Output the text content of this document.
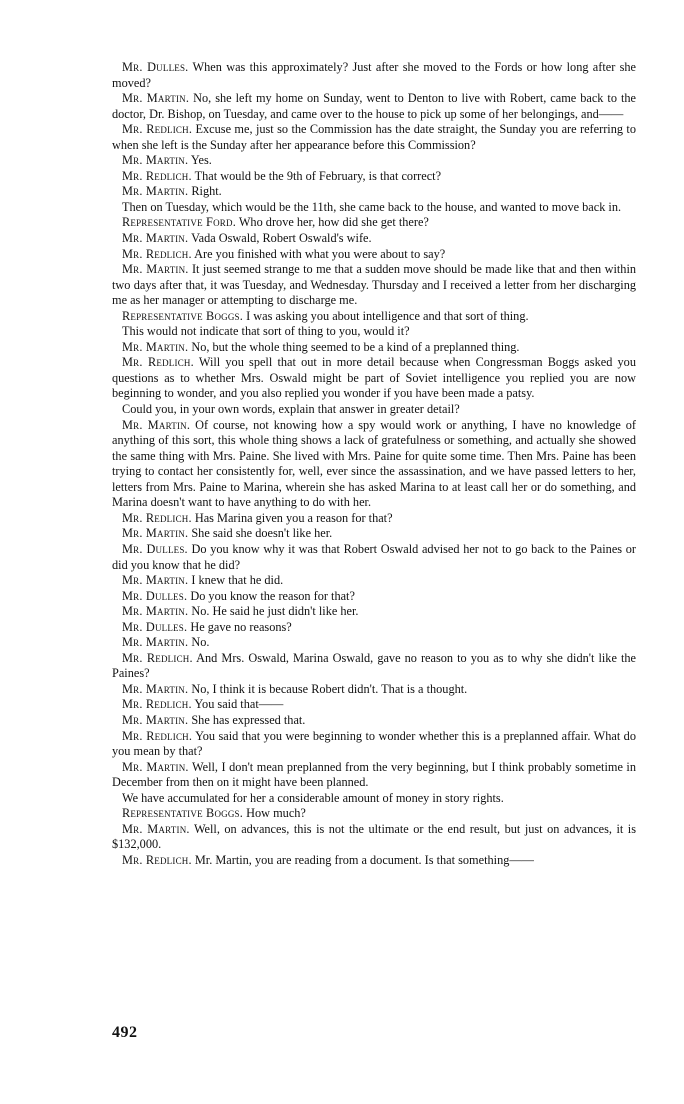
Mr. Dulles. When was this approximately? Just after she moved to the Fords or how long after she moved?

Mr. Martin. No, she left my home on Sunday, went to Denton to live with Robert, came back to the doctor, Dr. Bishop, on Tuesday, and came over to the house to pick up some of her belongings, and——

Mr. Redlich. Excuse me, just so the Commission has the date straight, the Sunday you are referring to when she left is the Sunday after her appearance before this Commission?

Mr. Martin. Yes.

Mr. Redlich. That would be the 9th of February, is that correct?

Mr. Martin. Right.

Then on Tuesday, which would be the 11th, she came back to the house, and wanted to move back in.

Representative Ford. Who drove her, how did she get there?

Mr. Martin. Vada Oswald, Robert Oswald's wife.

Mr. Redlich. Are you finished with what you were about to say?

Mr. Martin. It just seemed strange to me that a sudden move should be made like that and then within two days after that, it was Tuesday, and Wednesday. Thursday and I received a letter from her discharging me as her manager or attempting to discharge me.

Representative Boggs. I was asking you about intelligence and that sort of thing.

This would not indicate that sort of thing to you, would it?

Mr. Martin. No, but the whole thing seemed to be a kind of a preplanned thing.

Mr. Redlich. Will you spell that out in more detail because when Congressman Boggs asked you questions as to whether Mrs. Oswald might be part of Soviet intelligence you replied you are now beginning to wonder, and you also replied you wonder if you have been made a patsy.

Could you, in your own words, explain that answer in greater detail?

Mr. Martin. Of course, not knowing how a spy would work or anything, I have no knowledge of anything of this sort, this whole thing shows a lack of gratefulness or something, and actually she showed the same thing with Mrs. Paine. She lived with Mrs. Paine for quite some time. Then Mrs. Paine has been trying to contact her consistently for, well, ever since the assassination, and we have passed letters to her, letters from Mrs. Paine to Marina, wherein she has asked Marina to at least call her or do something, and Marina doesn't want to have anything to do with her.

Mr. Redlich. Has Marina given you a reason for that?

Mr. Martin. She said she doesn't like her.

Mr. Dulles. Do you know why it was that Robert Oswald advised her not to go back to the Paines or did you know that he did?

Mr. Martin. I knew that he did.

Mr. Dulles. Do you know the reason for that?

Mr. Martin. No. He said he just didn't like her.

Mr. Dulles. He gave no reasons?

Mr. Martin. No.

Mr. Redlich. And Mrs. Oswald, Marina Oswald, gave no reason to you as to why she didn't like the Paines?

Mr. Martin. No, I think it is because Robert didn't. That is a thought.

Mr. Redlich. You said that——

Mr. Martin. She has expressed that.

Mr. Redlich. You said that you were beginning to wonder whether this is a preplanned affair. What do you mean by that?

Mr. Martin. Well, I don't mean preplanned from the very beginning, but I think probably sometime in December from then on it might have been planned.

We have accumulated for her a considerable amount of money in story rights.

Representative Boggs. How much?

Mr. Martin. Well, on advances, this is not the ultimate or the end result, but just on advances, it is $132,000.

Mr. Redlich. Mr. Martin, you are reading from a document. Is that something——

492
